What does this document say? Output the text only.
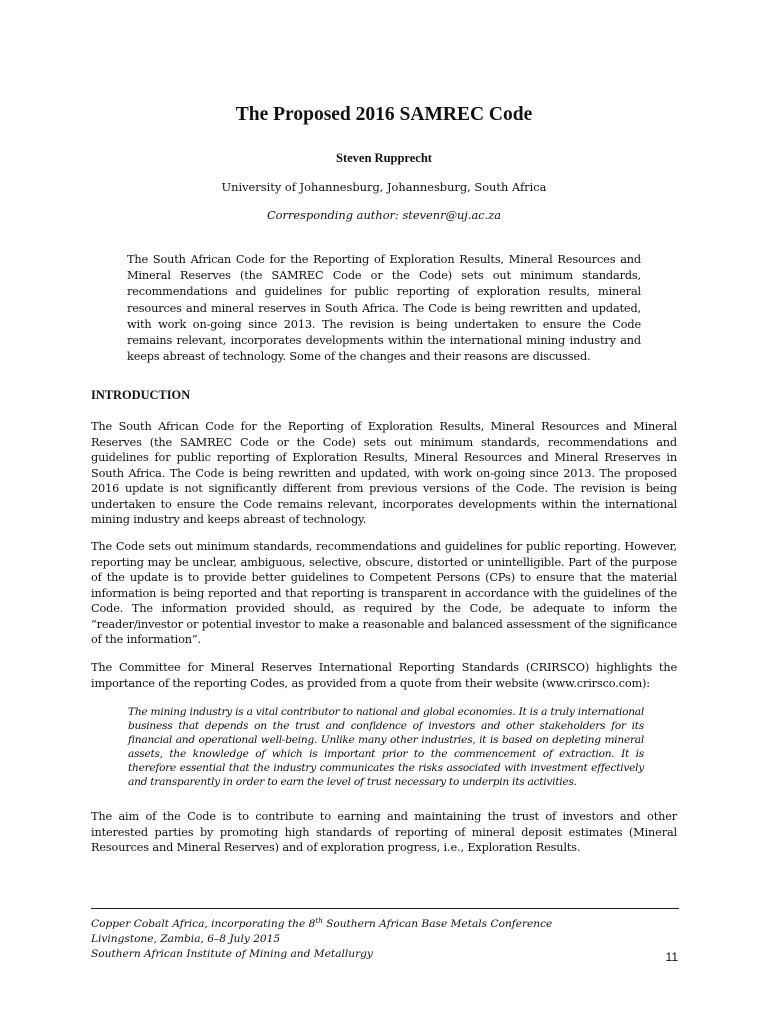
The Proposed 2016 SAMREC Code
Steven Rupprecht
University of Johannesburg, Johannesburg, South Africa
Corresponding author: stevenr@uj.ac.za

The South African Code for the Reporting of Exploration Results, Mineral Resources and Mineral Reserves (the SAMREC Code or the Code) sets out minimum standards, recommendations and guidelines for public reporting of exploration results, mineral resources and mineral reserves in South Africa. The Code is being rewritten and updated, with work on-going since 2013. The revision is being undertaken to ensure the Code remains relevant, incorporates developments within the international mining industry and keeps abreast of technology. Some of the changes and their reasons are discussed.

INTRODUCTION

The South African Code for the Reporting of Exploration Results, Mineral Resources and Mineral Reserves (the SAMREC Code or the Code) sets out minimum standards, recommendations and guidelines for public reporting of Exploration Results, Mineral Resources and Mineral Rreserves in South Africa. The Code is being rewritten and updated, with work on-going since 2013. The proposed 2016 update is not significantly different from previous versions of the Code. The revision is being undertaken to ensure the Code remains relevant, incorporates developments within the international mining industry and keeps abreast of technology.

The Code sets out minimum standards, recommendations and guidelines for public reporting. However, reporting may be unclear, ambiguous, selective, obscure, distorted or unintelligible. Part of the purpose of the update is to provide better guidelines to Competent Persons (CPs) to ensure that the material information is being reported and that reporting is transparent in accordance with the guidelines of the Code. The information provided should, as required by the Code, be adequate to inform the “reader/investor or potential investor to make a reasonable and balanced assessment of the significance of the information”.

The Committee for Mineral Reserves International Reporting Standards (CRIRSCO) highlights the importance of the reporting Codes, as provided from a quote from their website (www.crirsco.com):

The mining industry is a vital contributor to national and global economies. It is a truly international business that depends on the trust and confidence of investors and other stakeholders for its financial and operational well-being. Unlike many other industries, it is based on depleting mineral assets, the knowledge of which is important prior to the commencement of extraction. It is therefore essential that the industry communicates the risks associated with investment effectively and transparently in order to earn the level of trust necessary to underpin its activities.

The aim of the Code is to contribute to earning and maintaining the trust of investors and other interested parties by promoting high standards of reporting of mineral deposit estimates (Mineral Resources and Mineral Reserves) and of exploration progress, i.e., Exploration Results.

Copper Cobalt Africa, incorporating the 8th Southern African Base Metals Conference
Livingstone, Zambia, 6–8 July 2015
Southern African Institute of Mining and Metallurgy	11
